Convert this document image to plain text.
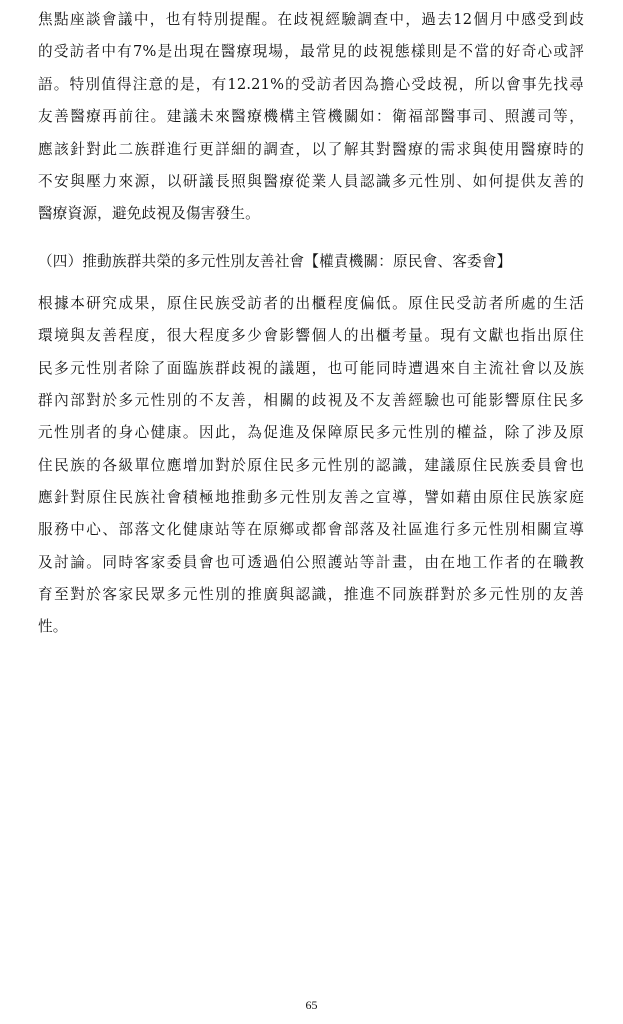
焦點座談會議中，也有特別提醒。在歧視經驗調查中，過去12個月中感受到歧
的受訪者中有7%是出現在醫療現場，最常見的歧視態樣則是不當的好奇心或評
語。特別值得注意的是，有12.21%的受訪者因為擔心受歧視，所以會事先找尋
友善醫療再前往。建議未來醫療機構主管機關如：衛福部醫事司、照護司等，
應該針對此二族群進行更詳細的調查，以了解其對醫療的需求與使用醫療時的
不安與壓力來源，以研議長照與醫療從業人員認識多元性別、如何提供友善的
醫療資源，避免歧視及傷害發生。
（四）推動族群共榮的多元性別友善社會【權責機關：原民會、客委會】
根據本研究成果，原住民族受訪者的出櫃程度偏低。原住民受訪者所處的生活
環境與友善程度，很大程度多少會影響個人的出櫃考量。現有文獻也指出原住
民多元性別者除了面臨族群歧視的議題，也可能同時遭遇來自主流社會以及族
群內部對於多元性別的不友善，相關的歧視及不友善經驗也可能影響原住民多
元性別者的身心健康。因此，為促進及保障原民多元性別的權益，除了涉及原
住民族的各級單位應增加對於原住民多元性別的認識，建議原住民族委員會也
應針對原住民族社會積極地推動多元性別友善之宣導，譬如藉由原住民族家庭
服務中心、部落文化健康站等在原鄉或都會部落及社區進行多元性別相關宣導
及討論。同時客家委員會也可透過伯公照護站等計畫，由在地工作者的在職教
育至對於客家民眾多元性別的推廣與認識，推進不同族群對於多元性別的友善
性。
65
